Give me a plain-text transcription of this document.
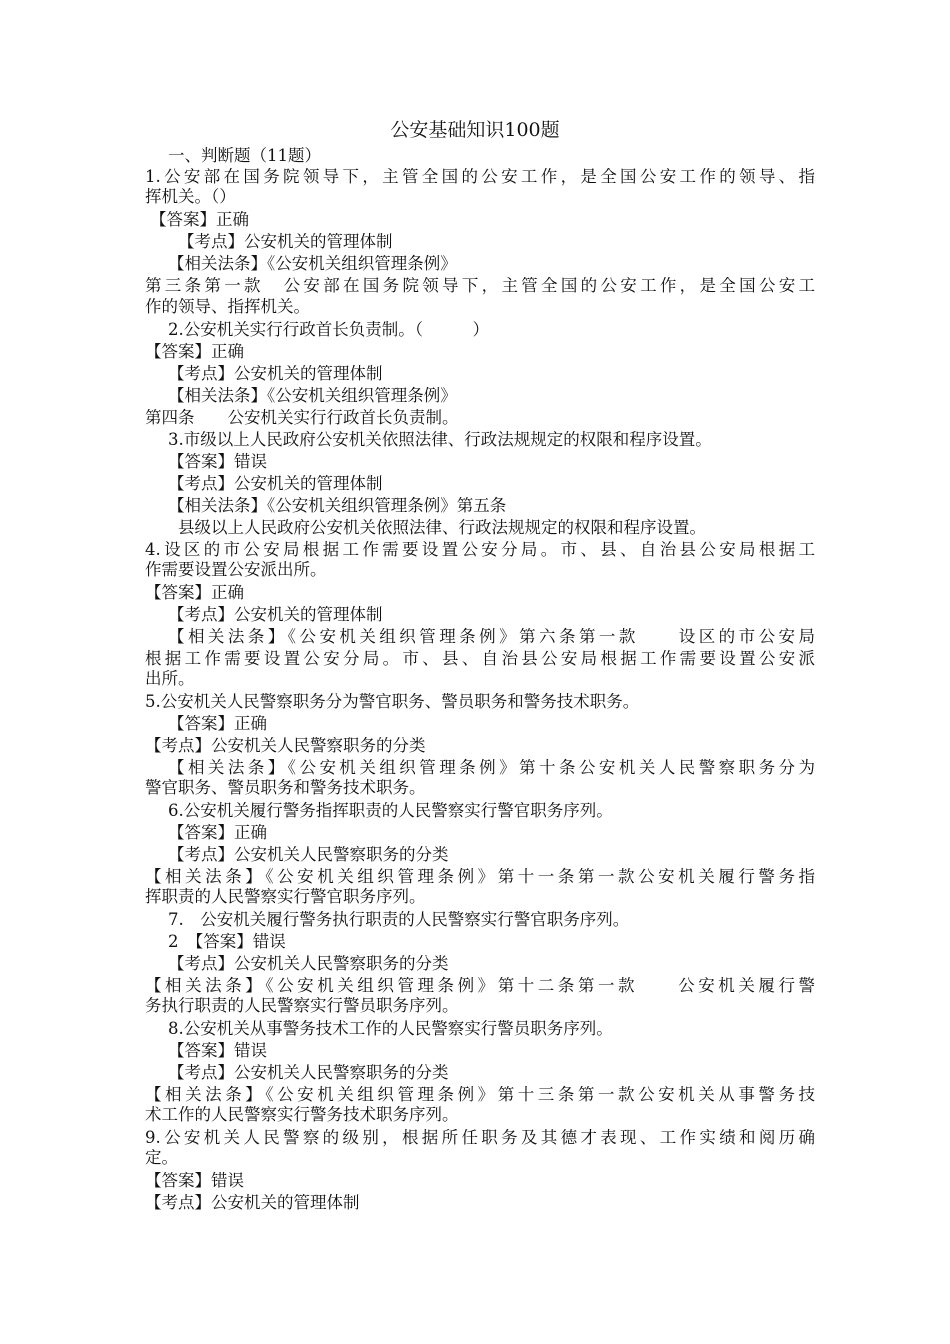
公安基础知识100题
一、判断题（11题）
1.公安部在国务院领导下，主管全国的公安工作，是全国公安工作的领导、指
挥机关。（）
【答案】正确
【考点】公安机关的管理体制
【相关法条】《公安机关组织管理条例》
第三条第一款　公安部在国务院领导下，主管全国的公安工作，是全国公安工
作的领导、指挥机关。
2.公安机关实行行政首长负责制。（　　　）
【答案】正确
【考点】公安机关的管理体制
【相关法条】《公安机关组织管理条例》
第四条　　公安机关实行行政首长负责制。
3.市级以上人民政府公安机关依照法律、行政法规规定的权限和程序设置。
【答案】错误
【考点】公安机关的管理体制
【相关法条】《公安机关组织管理条例》第五条
县级以上人民政府公安机关依照法律、行政法规规定的权限和程序设置。
4.设区的市公安局根据工作需要设置公安分局。市、县、自治县公安局根据工
作需要设置公安派出所。
【答案】正确
【考点】公安机关的管理体制
【相关法条】《公安机关组织管理条例》第六条第一款　　设区的市公安局
根据工作需要设置公安分局。市、县、自治县公安局根据工作需要设置公安派
出所。
5.公安机关人民警察职务分为警官职务、警员职务和警务技术职务。
【答案】正确
【考点】公安机关人民警察职务的分类
【相关法条】《公安机关组织管理条例》第十条公安机关人民警察职务分为
警官职务、警员职务和警务技术职务。
6.公安机关履行警务指挥职责的人民警察实行警官职务序列。
【答案】正确
【考点】公安机关人民警察职务的分类
【相关法条】《公安机关组织管理条例》第十一条第一款公安机关履行警务指
挥职责的人民警察实行警官职务序列。
7.　公安机关履行警务执行职责的人民警察实行警官职务序列。
2　【答案】错误
【考点】公安机关人民警察职务的分类
【相关法条】《公安机关组织管理条例》第十二条第一款　　公安机关履行警
务执行职责的人民警察实行警员职务序列。
8.公安机关从事警务技术工作的人民警察实行警员职务序列。
【答案】错误
【考点】公安机关人民警察职务的分类
【相关法条】《公安机关组织管理条例》第十三条第一款公安机关从事警务技
术工作的人民警察实行警务技术职务序列。
9.公安机关人民警察的级别，根据所任职务及其德才表现、工作实绩和阅历确
定。
【答案】错误
【考点】公安机关的管理体制
